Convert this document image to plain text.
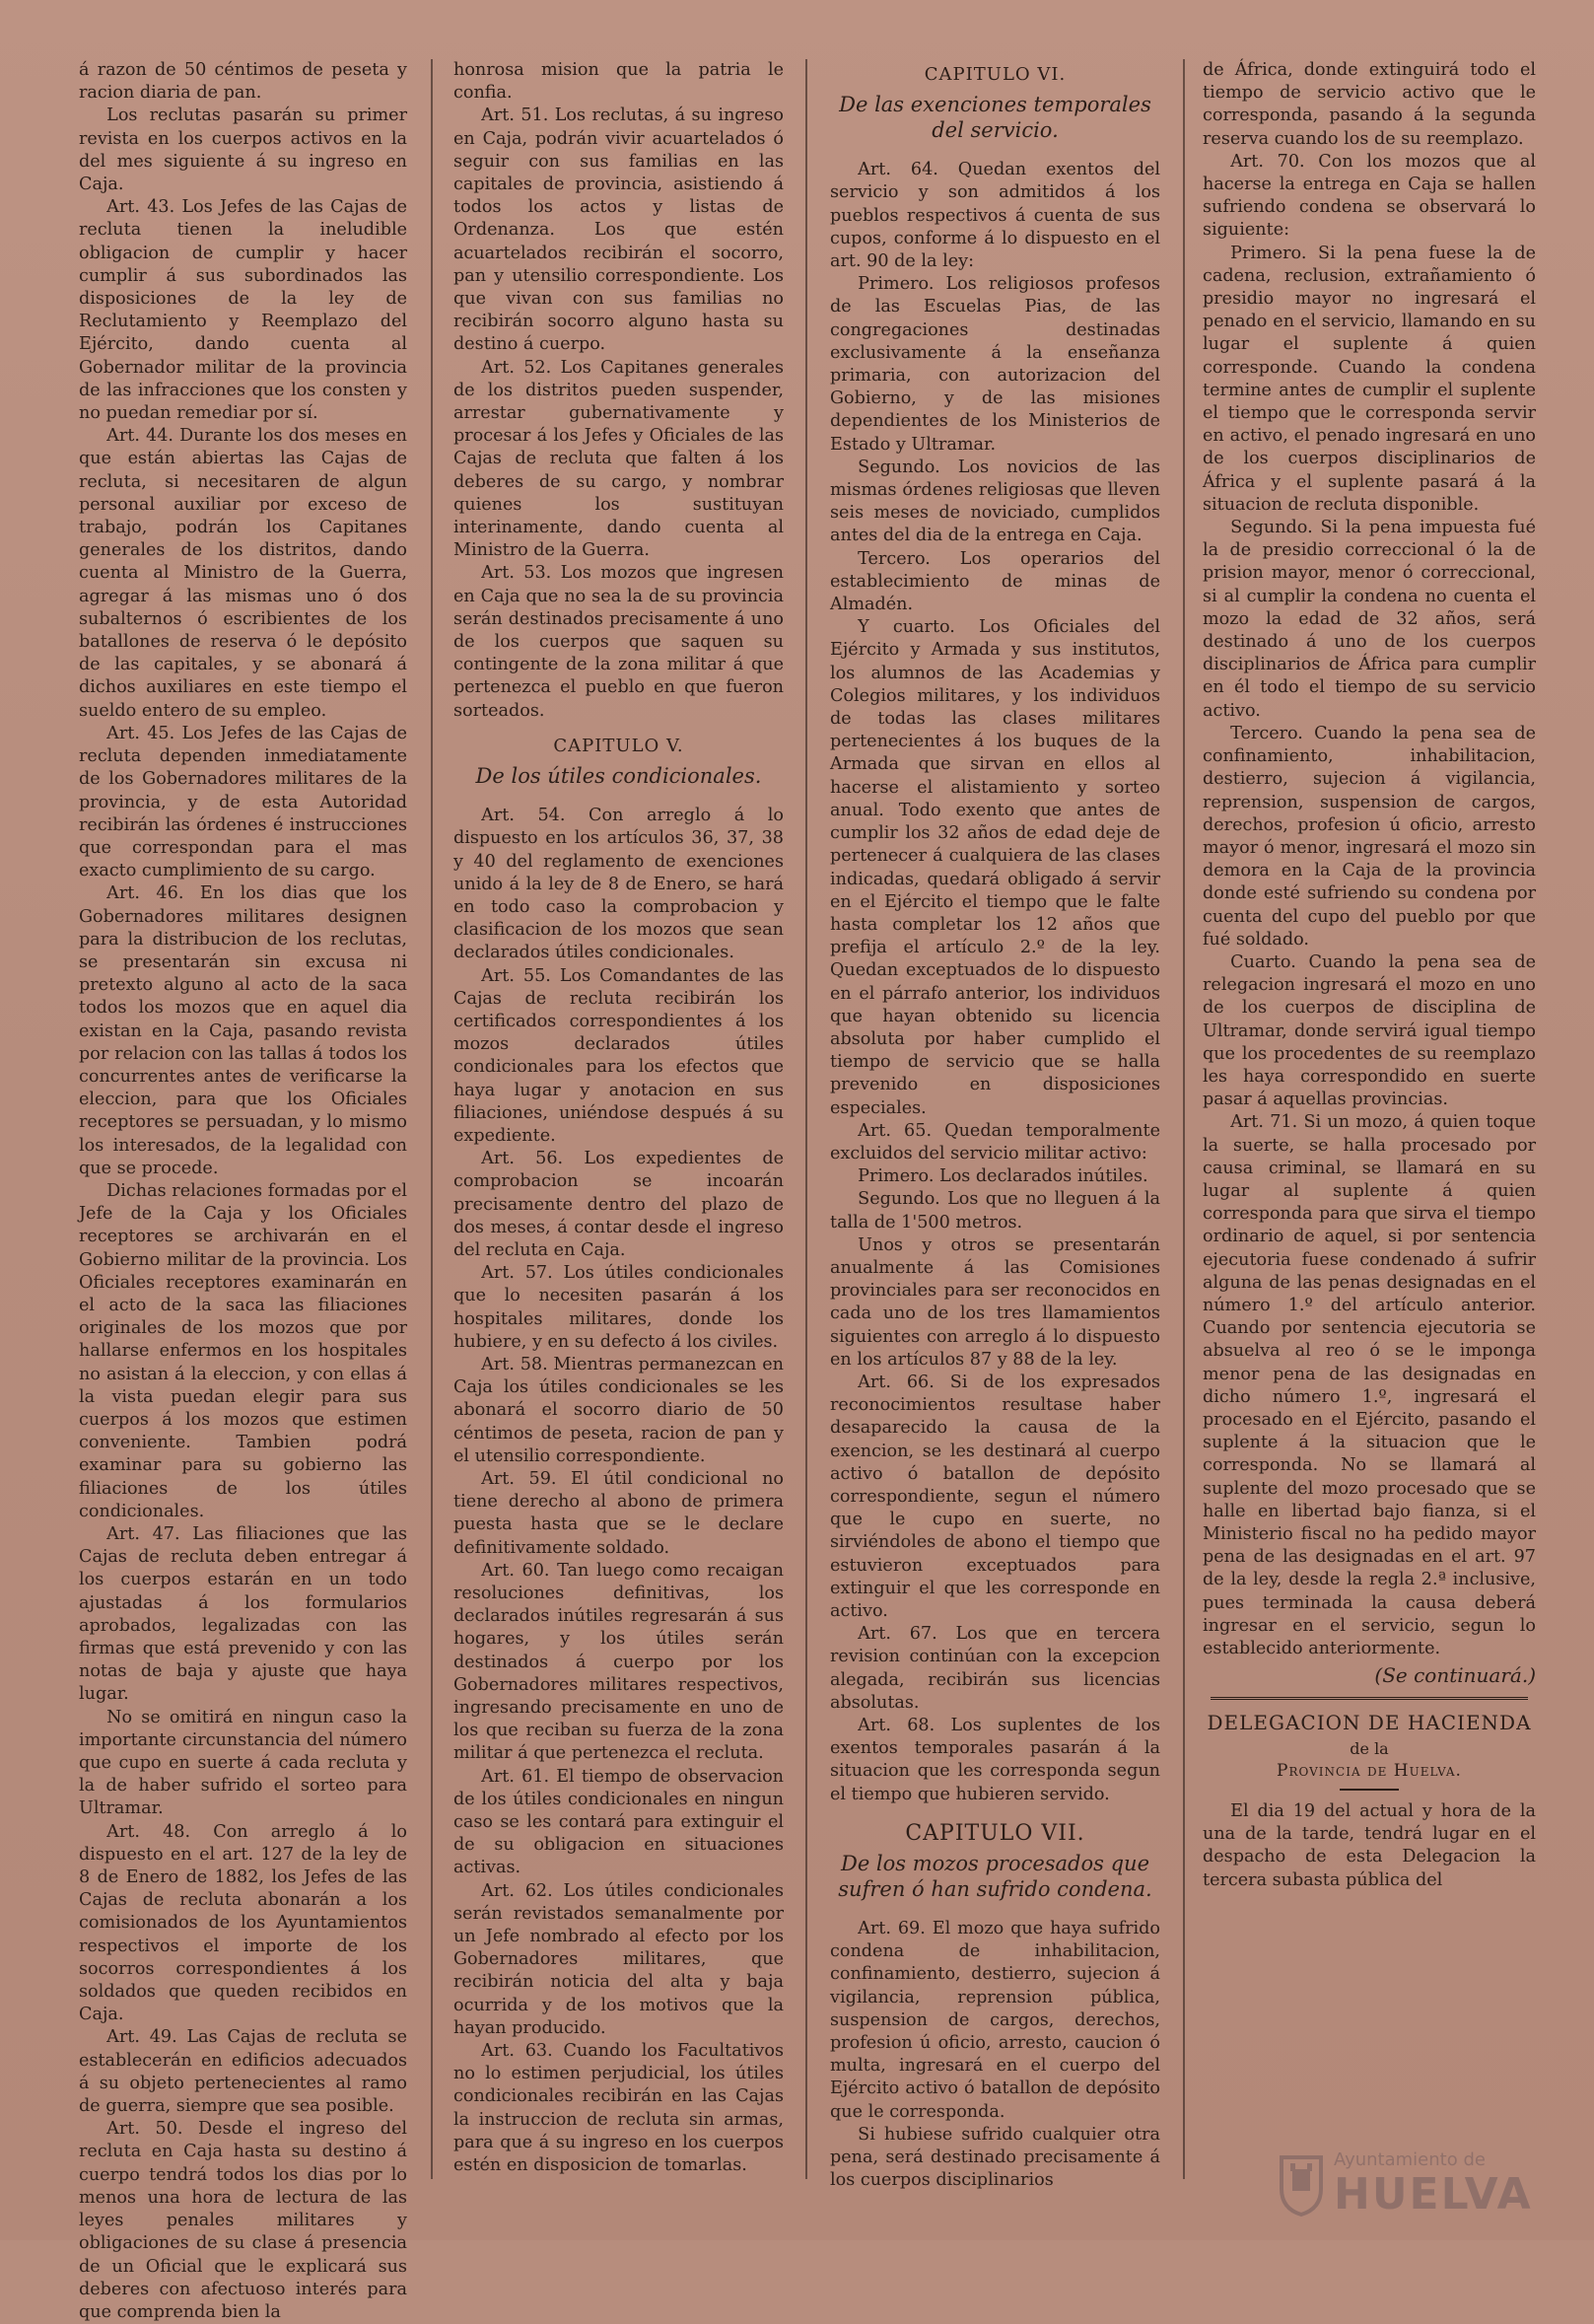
á razon de 50 céntimos de peseta y racion diaria de pan.

Los reclutas pasarán su primer revista en los cuerpos activos en la del mes siguiente á su ingreso en Caja.

Art. 43. Los Jefes de las Cajas de recluta tienen la ineludible obligacion de cumplir y hacer cumplir á sus subordinados las disposiciones de la ley de Reclutamiento y Reemplazo del Ejército, dando cuenta al Gobernador militar de la provincia de las infracciones que los consten y no puedan remediar por sí.

Art. 44. Durante los dos meses en que están abiertas las Cajas de recluta, si necesitaren de algun personal auxiliar por exceso de trabajo, podrán los Capitanes generales de los distritos, dando cuenta al Ministro de la Guerra, agregar á las mismas uno ó dos subalternos ó escribientes de los batallones de reserva ó le depósito de las capitales, y se abonará á dichos auxiliares en este tiempo el sueldo entero de su empleo.

Art. 45. Los Jefes de las Cajas de recluta dependen inmediatamente de los Gobernadores militares de la provincia, y de esta Autoridad recibirán las órdenes é instrucciones que correspondan para el mas exacto cumplimiento de su cargo.

Art. 46. En los dias que los Gobernadores militares designen para la distribucion de los reclutas, se presentarán sin excusa ni pretexto alguno al acto de la saca todos los mozos que en aquel dia existan en la Caja, pasando revista por relacion con las tallas á todos los concurrentes antes de verificarse la eleccion, para que los Oficiales receptores se persuadan, y lo mismo los interesados, de la legalidad con que se procede.

Dichas relaciones formadas por el Jefe de la Caja y los Oficiales receptores se archivarán en el Gobierno militar de la provincia. Los Oficiales receptores examinarán en el acto de la saca las filiaciones originales de los mozos que por hallarse enfermos en los hospitales no asistan á la eleccion, y con ellas á la vista puedan elegir para sus cuerpos á los mozos que estimen conveniente. Tambien podrá examinar para su gobierno las filiaciones de los útiles condicionales.

Art. 47. Las filiaciones que las Cajas de recluta deben entregar á los cuerpos estarán en un todo ajustadas á los formularios aprobados, legalizadas con las firmas que está prevenido y con las notas de baja y ajuste que haya lugar.

No se omitirá en ningun caso la importante circunstancia del número que cupo en suerte á cada recluta y la de haber sufrido el sorteo para Ultramar.

Art. 48. Con arreglo á lo dispuesto en el art. 127 de la ley de 8 de Enero de 1882, los Jefes de las Cajas de recluta abonarán a los comisionados de los Ayuntamientos respectivos el importe de los socorros correspondientes á los soldados que queden recibidos en Caja.

Art. 49. Las Cajas de recluta se establecerán en edificios adecuados á su objeto pertenecientes al ramo de guerra, siempre que sea posible.

Art. 50. Desde el ingreso del recluta en Caja hasta su destino á cuerpo tendrá todos los dias por lo menos una hora de lectura de las leyes penales militares y obligaciones de su clase á presencia de un Oficial que le explicará sus deberes con afectuoso interés para que comprenda bien la

honrosa mision que la patria le confia.

Art. 51. Los reclutas, á su ingreso en Caja, podrán vivir acuartelados ó seguir con sus familias en las capitales de provincia, asistiendo á todos los actos y listas de Ordenanza. Los que estén acuartelados recibirán el socorro, pan y utensilio correspondiente. Los que vivan con sus familias no recibirán socorro alguno hasta su destino á cuerpo.

Art. 52. Los Capitanes generales de los distritos pueden suspender, arrestar gubernativamente y procesar á los Jefes y Oficiales de las Cajas de recluta que falten á los deberes de su cargo, y nombrar quienes los sustituyan interinamente, dando cuenta al Ministro de la Guerra.

Art. 53. Los mozos que ingresen en Caja que no sea la de su provincia serán destinados precisamente á uno de los cuerpos que saquen su contingente de la zona militar á que pertenezca el pueblo en que fueron sorteados.

CAPITULO V.
De los útiles condicionales.

Art. 54. Con arreglo á lo dispuesto en los artículos 36, 37, 38 y 40 del reglamento de exenciones unido á la ley de 8 de Enero, se hará en todo caso la comprobacion y clasificacion de los mozos que sean declarados útiles condicionales.

Art. 55. Los Comandantes de las Cajas de recluta recibirán los certificados correspondientes á los mozos declarados útiles condicionales para los efectos que haya lugar y anotacion en sus filiaciones, uniéndose después á su expediente.

Art. 56. Los expedientes de comprobacion se incoarán precisamente dentro del plazo de dos meses, á contar desde el ingreso del recluta en Caja.

Art. 57. Los útiles condicionales que lo necesiten pasarán á los hospitales militares, donde los hubiere, y en su defecto á los civiles.

Art. 58. Mientras permanezcan en Caja los útiles condicionales se les abonará el socorro diario de 50 céntimos de peseta, racion de pan y el utensilio correspondiente.

Art. 59. El útil condicional no tiene derecho al abono de primera puesta hasta que se le declare definitivamente soldado.

Art. 60. Tan luego como recaigan resoluciones definitivas, los declarados inútiles regresarán á sus hogares, y los útiles serán destinados á cuerpo por los Gobernadores militares respectivos, ingresando precisamente en uno de los que reciban su fuerza de la zona militar á que pertenezca el recluta.

Art. 61. El tiempo de observacion de los útiles condicionales en ningun caso se les contará para extinguir el de su obligacion en situaciones activas.

Art. 62. Los útiles condicionales serán revistados semanalmente por un Jefe nombrado al efecto por los Gobernadores militares, que recibirán noticia del alta y baja ocurrida y de los motivos que la hayan producido.

Art. 63. Cuando los Facultativos no lo estimen perjudicial, los útiles condicionales recibirán en las Cajas la instruccion de recluta sin armas, para que á su ingreso en los cuerpos estén en disposicion de tomarlas.

CAPITULO VI.
De las exenciones temporales del servicio.

Art. 64. Quedan exentos del servicio y son admitidos á los pueblos respectivos á cuenta de sus cupos, conforme á lo dispuesto en el art. 90 de la ley:

Primero. Los religiosos profesos de las Escuelas Pias, de las congregaciones destinadas exclusivamente á la enseñanza primaria, con autorizacion del Gobierno, y de las misiones dependientes de los Ministerios de Estado y Ultramar.

Segundo. Los novicios de las mismas órdenes religiosas que lleven seis meses de noviciado, cumplidos antes del dia de la entrega en Caja.

Tercero. Los operarios del establecimiento de minas de Almadén.

Y cuarto. Los Oficiales del Ejército y Armada y sus institutos, los alumnos de las Academias y Colegios militares, y los individuos de todas las clases militares pertenecientes á los buques de la Armada que sirvan en ellos al hacerse el alistamiento y sorteo anual. Todo exento que antes de cumplir los 32 años de edad deje de pertenecer á cualquiera de las clases indicadas, quedará obligado á servir en el Ejército el tiempo que le falte hasta completar los 12 años que prefija el artículo 2.º de la ley. Quedan exceptuados de lo dispuesto en el párrafo anterior, los individuos que hayan obtenido su licencia absoluta por haber cumplido el tiempo de servicio que se halla prevenido en disposiciones especiales.

Art. 65. Quedan temporalmente excluidos del servicio militar activo:

Primero. Los declarados inútiles.

Segundo. Los que no lleguen á la talla de 1'500 metros.

Unos y otros se presentarán anualmente á las Comisiones provinciales para ser reconocidos en cada uno de los tres llamamientos siguientes con arreglo á lo dispuesto en los artículos 87 y 88 de la ley.

Art. 66. Si de los expresados reconocimientos resultase haber desaparecido la causa de la exencion, se les destinará al cuerpo activo ó batallon de depósito correspondiente, segun el número que le cupo en suerte, no sirviéndoles de abono el tiempo que estuvieron exceptuados para extinguir el que les corresponde en activo.

Art. 67. Los que en tercera revision continúan con la excepcion alegada, recibirán sus licencias absolutas.

Art. 68. Los suplentes de los exentos temporales pasarán á la situacion que les corresponda segun el tiempo que hubieren servido.

CAPITULO VII.
De los mozos procesados que sufren ó han sufrido condena.

Art. 69. El mozo que haya sufrido condena de inhabilitacion, confinamiento, destierro, sujecion á vigilancia, reprension pública, suspension de cargos, derechos, profesion ú oficio, arresto, caucion ó multa, ingresará en el cuerpo del Ejército activo ó batallon de depósito que le corresponda.

Si hubiese sufrido cualquier otra pena, será destinado precisamente á los cuerpos disciplinarios

de África, donde extinguirá todo el tiempo de servicio activo que le corresponda, pasando á la segunda reserva cuando los de su reemplazo.

Art. 70. Con los mozos que al hacerse la entrega en Caja se hallen sufriendo condena se observará lo siguiente:

Primero. Si la pena fuese la de cadena, reclusion, extrañamiento ó presidio mayor no ingresará el penado en el servicio, llamando en su lugar el suplente á quien corresponde. Cuando la condena termine antes de cumplir el suplente el tiempo que le corresponda servir en activo, el penado ingresará en uno de los cuerpos disciplinarios de África y el suplente pasará á la situacion de recluta disponible.

Segundo. Si la pena impuesta fué la de presidio correccional ó la de prision mayor, menor ó correccional, si al cumplir la condena no cuenta el mozo la edad de 32 años, será destinado á uno de los cuerpos disciplinarios de África para cumplir en él todo el tiempo de su servicio activo.

Tercero. Cuando la pena sea de confinamiento, inhabilitacion, destierro, sujecion á vigilancia, reprension, suspension de cargos, derechos, profesion ú oficio, arresto mayor ó menor, ingresará el mozo sin demora en la Caja de la provincia donde esté sufriendo su condena por cuenta del cupo del pueblo por que fué soldado.

Cuarto. Cuando la pena sea de relegacion ingresará el mozo en uno de los cuerpos de disciplina de Ultramar, donde servirá igual tiempo que los procedentes de su reemplazo les haya correspondido en suerte pasar á aquellas provincias.

Art. 71. Si un mozo, á quien toque la suerte, se halla procesado por causa criminal, se llamará en su lugar al suplente á quien corresponda para que sirva el tiempo ordinario de aquel, si por sentencia ejecutoria fuese condenado á sufrir alguna de las penas designadas en el número 1.º del artículo anterior. Cuando por sentencia ejecutoria se absuelva al reo ó se le imponga menor pena de las designadas en dicho número 1.º, ingresará el procesado en el Ejército, pasando el suplente á la situacion que le corresponda. No se llamará al suplente del mozo procesado que se halle en libertad bajo fianza, si el Ministerio fiscal no ha pedido mayor pena de las designadas en el art. 97 de la ley, desde la regla 2.ª inclusive, pues terminada la causa deberá ingresar en el servicio, segun lo establecido anteriormente.

(Se continuará.)
DELEGACION DE HACIENDA
de la
Provincia de Huelva.

El dia 19 del actual y hora de la una de la tarde, tendrá lugar en el despacho de esta Delegacion la tercera subasta pública del

Ayuntamiento de
HUELVA
